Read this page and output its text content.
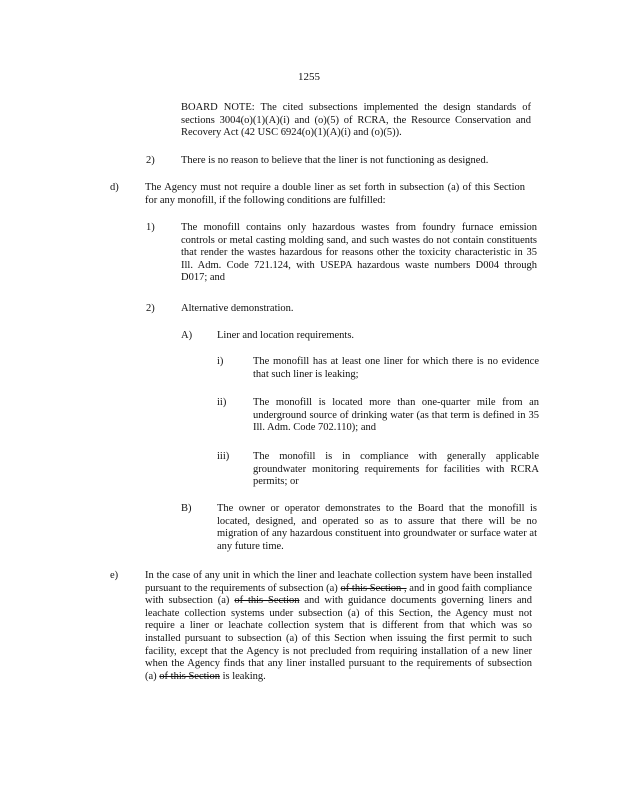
1255
BOARD NOTE: The cited subsections implemented the design standards of sections 3004(o)(1)(A)(i) and (o)(5) of RCRA, the Resource Conservation and Recovery Act (42 USC 6924(o)(1)(A)(i) and (o)(5)).
2)	There is no reason to believe that the liner is not functioning as designed.
d)	The Agency must not require a double liner as set forth in subsection (a) of this Section for any monofill, if the following conditions are fulfilled:
1)	The monofill contains only hazardous wastes from foundry furnace emission controls or metal casting molding sand, and such wastes do not contain constituents that render the wastes hazardous for reasons other the toxicity characteristic in 35 Ill. Adm. Code 721.124, with USEPA hazardous waste numbers D004 through D017; and
2)	Alternative demonstration.
A) Liner and location requirements.
i)	The monofill has at least one liner for which there is no evidence that such liner is leaking;
ii)	The monofill is located more than one-quarter mile from an underground source of drinking water (as that term is defined in 35 Ill. Adm. Code 702.110); and
iii) The monofill is in compliance with generally applicable groundwater monitoring requirements for facilities with RCRA permits; or
B) The owner or operator demonstrates to the Board that the monofill is located, designed, and operated so as to assure that there will be no migration of any hazardous constituent into groundwater or surface water at any future time.
e)	In the case of any unit in which the liner and leachate collection system have been installed pursuant to the requirements of subsection (a) of this Section , and in good faith compliance with subsection (a) of this Section and with guidance documents governing liners and leachate collection systems under subsection (a) of this Section, the Agency must not require a liner or leachate collection system that is different from that which was so installed pursuant to subsection (a) of this Section when issuing the first permit to such facility, except that the Agency is not precluded from requiring installation of a new liner when the Agency finds that any liner installed pursuant to the requirements of subsection (a) of this Section is leaking.
